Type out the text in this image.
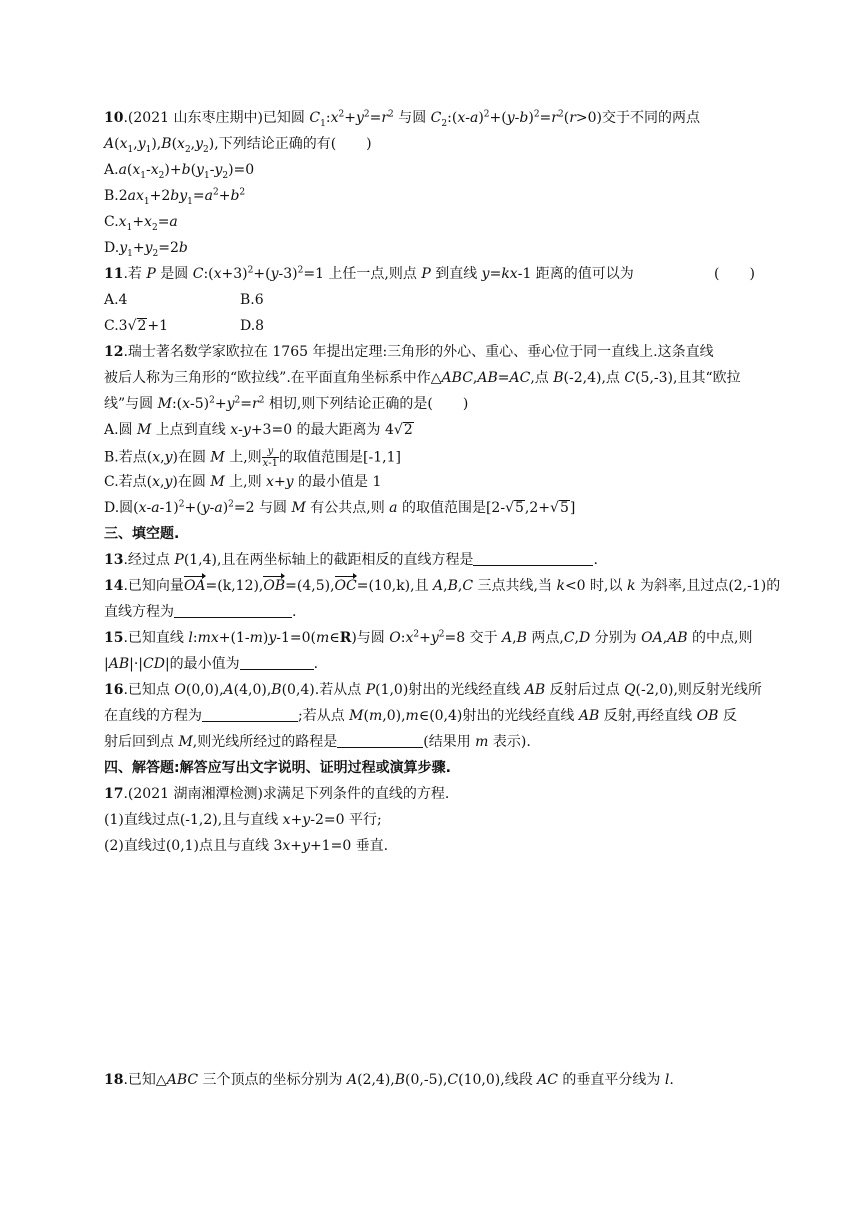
10.(2021 山东枣庄期中)已知圆 $C_1:x^2+y^2=r^2$ 与圆 $C_2:(x-a)^2+(y-b)^2=r^2(r>0)$交于不同的两点
$A(x_1,y_1),B(x_2,y_2)$,下列结论正确的有( )
$A.a(x_1-x_2)+b(y_1-y_2)=0$
$B.2ax_1+2by_1=a^2+b^2$
$C.x_1+x_2=a$
$D.y_1+y_2=2b$
11.若 P 是圆 $C:(x+3)^2+(y-3)^2=1$ 上任一点,则点 P 到直线 y=kx-1 距离的值可以为	( )
A.4	B.6
C.3√2+1	D.8
12.瑞士著名数学家欧拉在 1765 年提出定理:三角形的外心、重心、垂心位于同一直线上.这条直线
被后人称为三角形的“欧拉线”.在平面直角坐标系中作△ABC,AB=AC,点 B(-2,4),点 C(5,-3),且其“欧拉
线”与圆 $M:(x-5)^2+y^2=r^2$ 相切,则下列结论正确的是( )
A.圆 M 上点到直线 x-y+3=0 的最大距离为 4√2
B.若点(x,y)在圆 M 上,则 $\frac{y}{x-1}$ 的取值范围是[-1,1]
C.若点(x,y)在圆 M 上,则 x+y 的最小值是 1
D.圆$(x-a-1)^2+(y-a)^2=2$ 与圆 M 有公共点,则 a 的取值范围是[2-√5,2+√5]
三、填空题.
13.经过点 P(1,4),且在两坐标轴上的截距相反的直线方程是	.
14.已知向量OA=(k,12),OB=(4,5),OC=(10,k),且 A,B,C 三点共线,当 k<0 时,以 k 为斜率,且过点(2,-1)的
直线方程为	.
15.已知直线 l:mx+(1-m)y-1=0(m∈R)与圆 $O:x^2+y^2=8$ 交于 A,B 两点,C,D 分别为 OA,AB 的中点,则
|AB|·|CD|的最小值为	.
16.已知点 O(0,0),A(4,0),B(0,4).若从点 P(1,0)射出的光线经直线 AB 反射后过点 Q(-2,0),则反射光线所
在直线的方程为	;若从点 M(m,0),m∈(0,4)射出的光线经直线 AB 反射,再经直线 OB 反
射后回到点 M,则光线所经过的路程是	(结果用 m 表示).
四、解答题:解答应写出文字说明、证明过程或演算步骤.
17.(2021 湖南湘潭检测)求满足下列条件的直线的方程.
(1)直线过点(-1,2),且与直线 x+y-2=0 平行;
(2)直线过(0,1)点且与直线 3x+y+1=0 垂直.
18.已知△ABC 三个顶点的坐标分别为 A(2,4),B(0,-5),C(10,0),线段 AC 的垂直平分线为 l.
